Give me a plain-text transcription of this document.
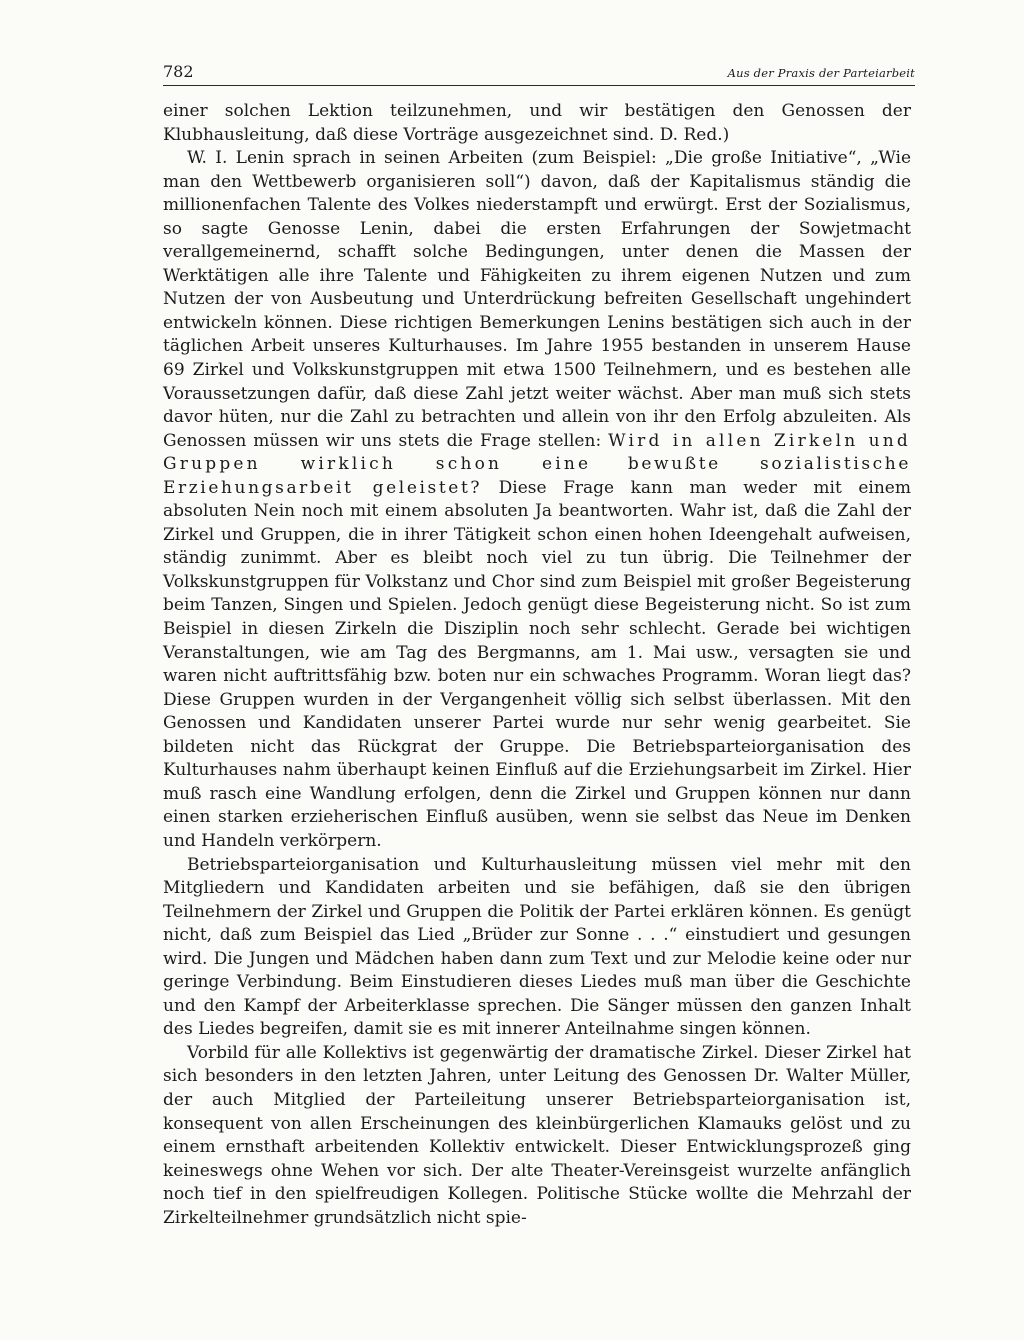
782	Aus der Praxis der Parteiarbeit

einer solchen Lektion teilzunehmen, und wir bestätigen den Genossen der Klubhausleitung, daß diese Vorträge ausgezeichnet sind. D. Red.)

W. I. Lenin sprach in seinen Arbeiten (zum Beispiel: „Die große Initiative“, „Wie man den Wettbewerb organisieren soll“) davon, daß der Kapitalismus ständig die millionenfachen Talente des Volkes niederstampft und erwürgt. Erst der Sozialismus, so sagte Genosse Lenin, dabei die ersten Erfahrungen der Sowjetmacht verallgemeinernd, schafft solche Bedingungen, unter denen die Massen der Werktätigen alle ihre Talente und Fähigkeiten zu ihrem eigenen Nutzen und zum Nutzen der von Ausbeutung und Unterdrückung befreiten Gesellschaft ungehindert entwickeln können. Diese richtigen Bemerkungen Lenins bestätigen sich auch in der täglichen Arbeit unseres Kulturhauses. Im Jahre 1955 bestanden in unserem Hause 69 Zirkel und Volkskunstgruppen mit etwa 1500 Teilnehmern, und es bestehen alle Voraussetzungen dafür, daß diese Zahl jetzt weiter wächst. Aber man muß sich stets davor hüten, nur die Zahl zu betrachten und allein von ihr den Erfolg abzuleiten. Als Genossen müssen wir uns stets die Frage stellen: Wird in allen Zirkeln und Gruppen wirklich schon eine bewußte sozialistische Erziehungsarbeit geleistet? Diese Frage kann man weder mit einem absoluten Nein noch mit einem absoluten Ja beantworten. Wahr ist, daß die Zahl der Zirkel und Gruppen, die in ihrer Tätigkeit schon einen hohen Ideengehalt aufweisen, ständig zunimmt. Aber es bleibt noch viel zu tun übrig. Die Teilnehmer der Volkskunstgruppen für Volkstanz und Chor sind zum Beispiel mit großer Begeisterung beim Tanzen, Singen und Spielen. Jedoch genügt diese Begeisterung nicht. So ist zum Beispiel in diesen Zirkeln die Disziplin noch sehr schlecht. Gerade bei wichtigen Veranstaltungen, wie am Tag des Bergmanns, am 1. Mai usw., versagten sie und waren nicht auftrittsfähig bzw. boten nur ein schwaches Programm. Woran liegt das? Diese Gruppen wurden in der Vergangenheit völlig sich selbst überlassen. Mit den Genossen und Kandidaten unserer Partei wurde nur sehr wenig gearbeitet. Sie bildeten nicht das Rückgrat der Gruppe. Die Betriebsparteiorganisation des Kulturhauses nahm überhaupt keinen Einfluß auf die Erziehungsarbeit im Zirkel. Hier muß rasch eine Wandlung erfolgen, denn die Zirkel und Gruppen können nur dann einen starken erzieherischen Einfluß ausüben, wenn sie selbst das Neue im Denken und Handeln verkörpern.

Betriebsparteiorganisation und Kulturhausleitung müssen viel mehr mit den Mitgliedern und Kandidaten arbeiten und sie befähigen, daß sie den übrigen Teilnehmern der Zirkel und Gruppen die Politik der Partei erklären können. Es genügt nicht, daß zum Beispiel das Lied „Brüder zur Sonne . . .“ einstudiert und gesungen wird. Die Jungen und Mädchen haben dann zum Text und zur Melodie keine oder nur geringe Verbindung. Beim Einstudieren dieses Liedes muß man über die Geschichte und den Kampf der Arbeiterklasse sprechen. Die Sänger müssen den ganzen Inhalt des Liedes begreifen, damit sie es mit innerer Anteilnahme singen können.

Vorbild für alle Kollektivs ist gegenwärtig der dramatische Zirkel. Dieser Zirkel hat sich besonders in den letzten Jahren, unter Leitung des Genossen Dr. Walter Müller, der auch Mitglied der Parteileitung unserer Betriebsparteiorganisation ist, konsequent von allen Erscheinungen des kleinbürgerlichen Klamauks gelöst und zu einem ernsthaft arbeitenden Kollektiv entwickelt. Dieser Entwicklungsprozeß ging keineswegs ohne Wehen vor sich. Der alte Theater-Vereinsgeist wurzelte anfänglich noch tief in den spielfreudigen Kollegen. Politische Stücke wollte die Mehrzahl der Zirkelteilnehmer grundsätzlich nicht spie-
